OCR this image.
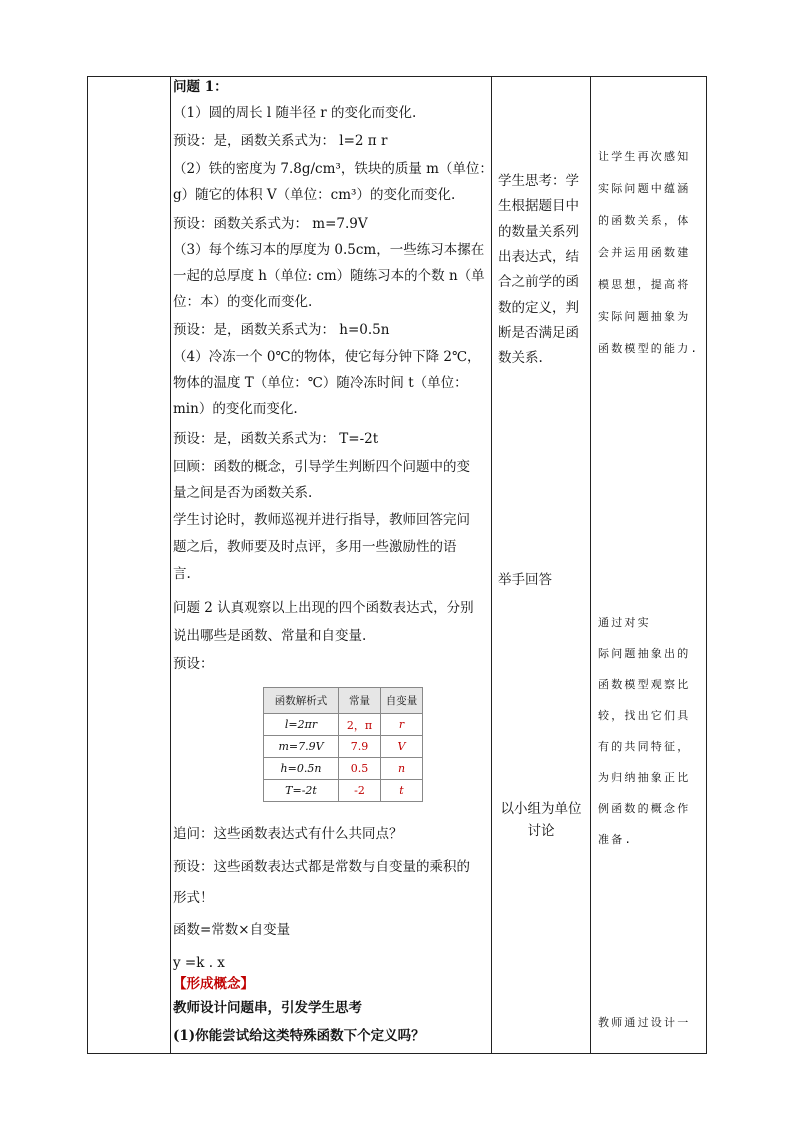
问题 1：
（1）圆的周长 l 随半径 r 的变化而变化.
预设：是，函数关系式为： l=2 π r
（2）铁的密度为 7.8g/cm³，铁块的质量 m（单位：
g）随它的体积 V（单位：cm³）的变化而变化.
预设：函数关系式为： m=7.9V
（3）每个练习本的厚度为 0.5cm，一些练习本摞在
一起的总厚度 h（单位: cm）随练习本的个数 n（单
位：本）的变化而变化.
预设：是，函数关系式为： h=0.5n
（4）冷冻一个 0℃的物体，使它每分钟下降 2℃，
物体的温度 T（单位：℃）随冷冻时间 t（单位：
min）的变化而变化.
预设：是，函数关系式为： T=-2t
回顾：函数的概念，引导学生判断四个问题中的变
量之间是否为函数关系.
学生讨论时，教师巡视并进行指导，教师回答完问
题之后，教师要及时点评，多用一些激励性的语
言.
问题 2 认真观察以上出现的四个函数表达式，分别
说出哪些是函数、常量和自变量.
预设：
追问：这些函数表达式有什么共同点？
预设：这些函数表达式都是常数与自变量的乘积的
形式！
函数=常数×自变量
y =k . x
【形成概念】
教师设计问题串，引发学生思考
(1)你能尝试给这类特殊函数下个定义吗？
函数解析式	常量	自变量
l=2πr	2，π	r
m=7.9V	7.9	V
h=0.5n	0.5	n
T=-2t	-2	t
学生思考：学
生根据题目中
的数量关系列
出表达式，结
合之前学的函
数的定义，判
断是否满足函
数关系.
举手回答
以小组为单位
讨论
让学生再次感知
实际问题中蕴涵
的函数关系，体
会并运用函数建
模思想，提高将
实际问题抽象为
函数模型的能力.
通过对实
际问题抽象出的
函数模型观察比
较，找出它们具
有的共同特征，
为归纳抽象正比
例函数的概念作
准备.
教师通过设计一
